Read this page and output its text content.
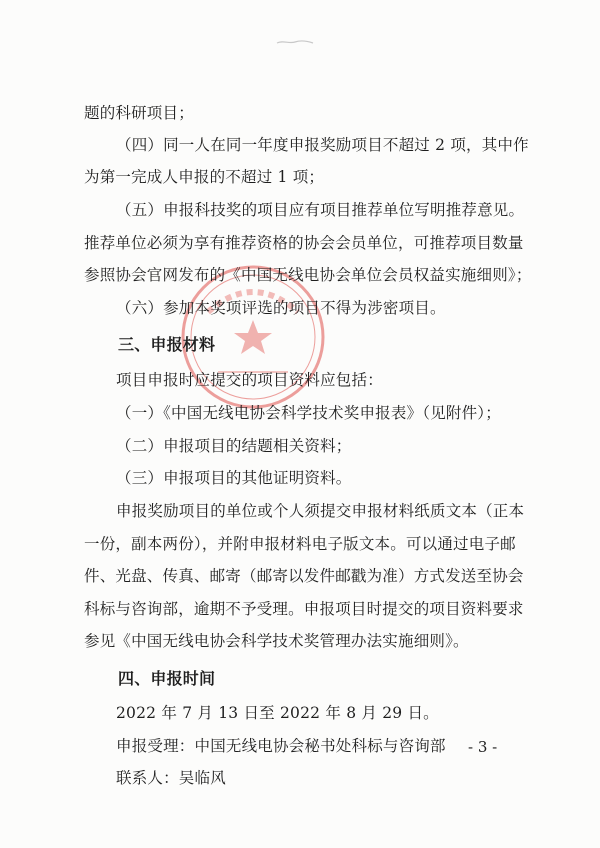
题的科研项目；
（四）同一人在同一年度申报奖励项目不超过 2 项，其中作
为第一完成人申报的不超过 1 项；
（五）申报科技奖的项目应有项目推荐单位写明推荐意见。
推荐单位必须为享有推荐资格的协会会员单位，可推荐项目数量
参照协会官网发布的《中国无线电协会单位会员权益实施细则》；
（六）参加本奖项评选的项目不得为涉密项目。
三、申报材料
项目申报时应提交的项目资料应包括：
（一）《中国无线电协会科学技术奖申报表》（见附件）；
（二）申报项目的结题相关资料；
（三）申报项目的其他证明资料。
申报奖励项目的单位或个人须提交申报材料纸质文本（正本
一份，副本两份），并附申报材料电子版文本。可以通过电子邮
件、光盘、传真、邮寄（邮寄以发件邮戳为准）方式发送至协会
科标与咨询部，逾期不予受理。申报项目时提交的项目资料要求
参见《中国无线电协会科学技术奖管理办法实施细则》。
四、申报时间
2022 年 7 月 13 日至 2022 年 8 月 29 日。
申报受理：中国无线电协会秘书处科标与咨询部
联系人：吴临风
- 3 -
